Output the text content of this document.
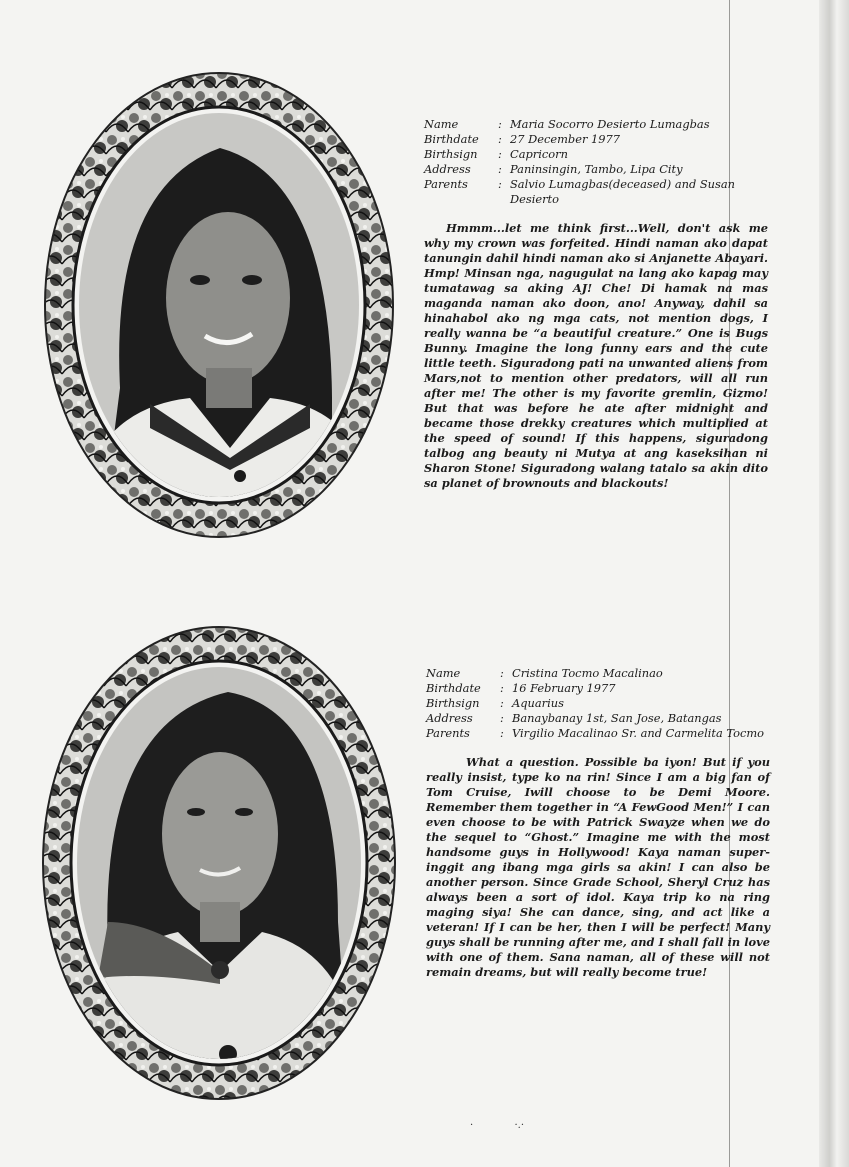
Name	:	Maria Socorro Desierto Lumagbas
Birthdate	:	27 December 1977
Birthsign	:	Capricorn
Address	:	Paninsingin, Tambo, Lipa City
Parents	:	Salvio Lumagbas(deceased) and Susan Desierto

Hmmm...let me think first...Well, don't ask me why my crown was forfeited. Hindi naman ako dapat tanungin dahil hindi naman ako si Anjanette Abayari. Hmp! Minsan nga, nagugulat na lang ako kapag may tumatawag sa aking AJ! Che! Di hamak na mas maganda naman ako doon, ano! Anyway, dahil sa hinahabol ako ng mga cats, not mention dogs, I really wanna be “a beautiful creature.” One is Bugs Bunny. Imagine the long funny ears and the cute little teeth. Siguradong pati na unwanted aliens from Mars,not to mention other predators, will all run after me! The other is my favorite gremlin, Gizmo! But that was before he ate after midnight and became those drekky creatures which multiplied at the speed of sound! If this happens, siguradong talbog ang beauty ni Mutya at ang kaseksihan ni Sharon Stone! Siguradong walang tatalo sa akin dito sa planet of brownouts and blackouts!

Name	:	Cristina Tocmo Macalinao
Birthdate	:	16 February 1977
Birthsign	:	Aquarius
Address	:	Banaybanay 1st, San Jose, Batangas
Parents	:	Virgilio Macalinao Sr. and Carmelita Tocmo

What a question. Possible ba iyon! But if you really insist, type ko na rin! Since I am a big fan of Tom Cruise, Iwill choose to be Demi Moore. Remember them together in “A FewGood Men!” I can even choose to be with Patrick Swayze when we do the sequel to “Ghost.” Imagine me with the most handsome guys in Hollywood! Kaya naman super-inggit ang ibang mga girls sa akin! I can also be another person. Since Grade School, Sheryl Cruz has always been a sort of idol. Kaya trip ko na ring maging siya! She can dance, sing, and act like a veteran! If I can be her, then I will be perfect! Many guys shall be running after me, and I shall fall in love with one of them. Sana naman, all of these will not remain dreams, but will really become true!

·             ·.·
